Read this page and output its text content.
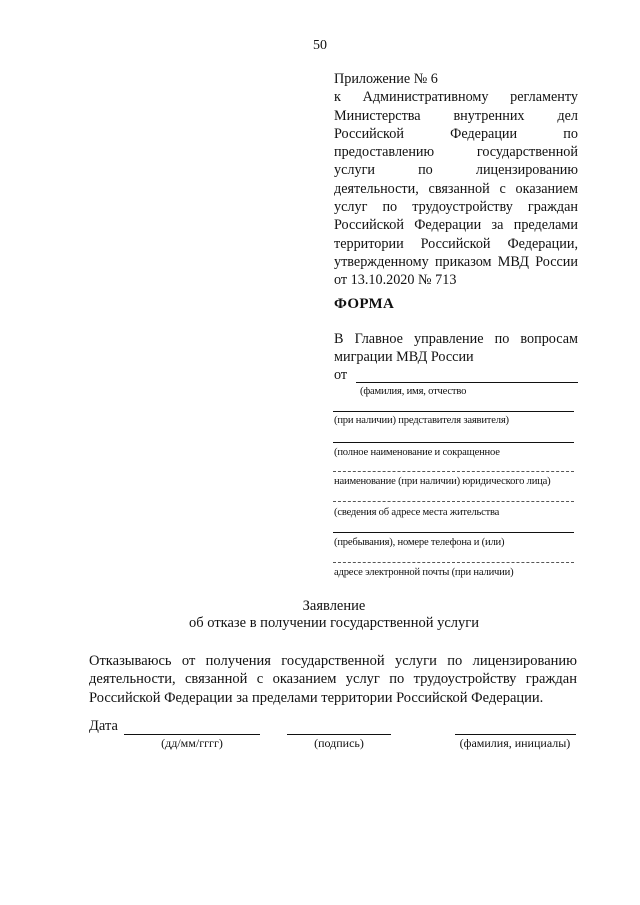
50
Приложение № 6
к Административному регламенту
Министерства внутренних дел
Российской Федерации по
предоставлению государственной
услуги по лицензированию
деятельности, связанной с оказанием
услуг по трудоустройству граждан
Российской Федерации за пределами
территории Российской Федерации,
утвержденному приказом МВД России
от 13.10.2020 № 713
ФОРМА
В Главное управление по вопросам
миграции МВД России
от
(фамилия, имя, отчество
(при наличии) представителя заявителя)
(полное наименование и сокращенное
наименование (при наличии) юридического лица)
(сведения об адресе места жительства
(пребывания), номере телефона и (или)
адресе электронной почты (при наличии)
Заявление
об отказе в получении государственной услуги
Отказываюсь от получения государственной услуги по лицензированию
деятельности, связанной с оказанием услуг по трудоустройству граждан
Российской Федерации за пределами территории Российской Федерации.
Дата
(дд/мм/гггг)	(подпись)	(фамилия, инициалы)
